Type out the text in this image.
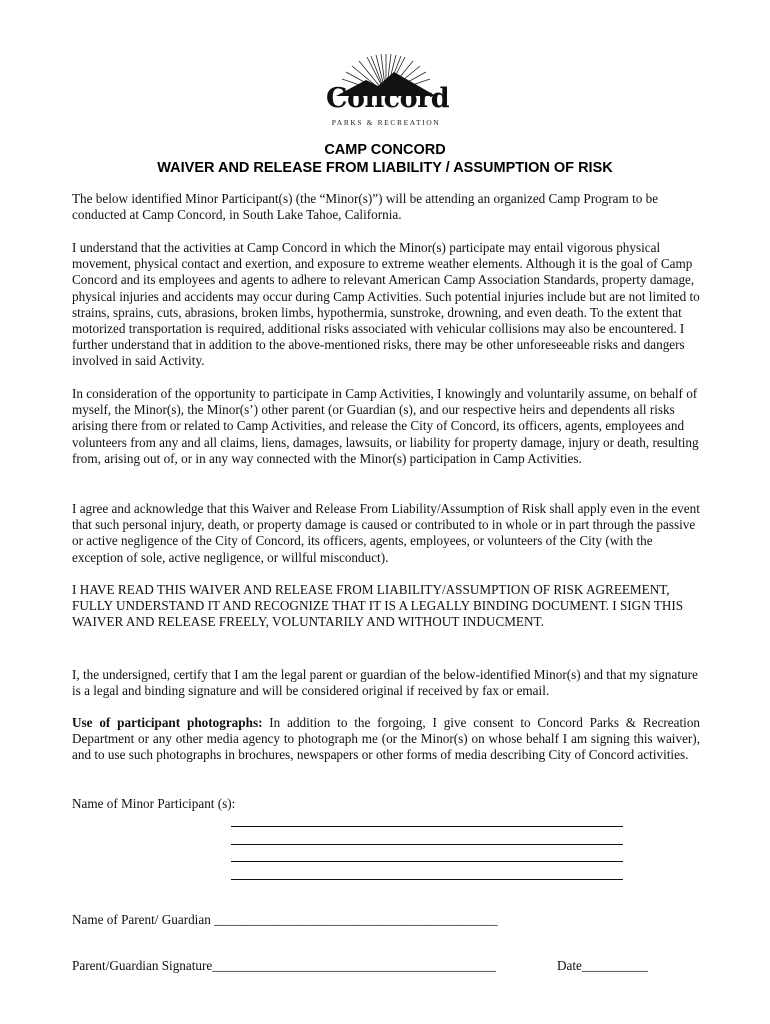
Concord
PARKS & RECREATION
CAMP CONCORD
WAIVER AND RELEASE FROM LIABILITY / ASSUMPTION OF RISK

The below identified Minor Participant(s) (the “Minor(s)”) will be attending an organized Camp Program to be conducted at Camp Concord, in South Lake Tahoe, California.

I understand that the activities at Camp Concord in which the Minor(s) participate may entail vigorous physical movement, physical contact and exertion, and exposure to extreme weather elements. Although it is the goal of Camp Concord and its employees and agents to adhere to relevant American Camp Association Standards, property damage, physical injuries and accidents may occur during Camp Activities. Such potential injuries include but are not limited to strains, sprains, cuts, abrasions, broken limbs, hypothermia, sunstroke, drowning, and even death. To the extent that motorized transportation is required, additional risks associated with vehicular collisions may also be encountered. I further understand that in addition to the above-mentioned risks, there may be other unforeseeable risks and dangers involved in said Activity.

In consideration of the opportunity to participate in Camp Activities, I knowingly and voluntarily assume, on behalf of myself, the Minor(s), the Minor(s’) other parent (or Guardian (s), and our respective heirs and dependents all risks arising there from or related to Camp Activities, and release the City of Concord, its officers, agents, employees and volunteers from any and all claims, liens, damages, lawsuits, or liability for property damage, injury or death, resulting from, arising out of, or in any way connected with the Minor(s) participation in Camp Activities.

I agree and acknowledge that this Waiver and Release From Liability/Assumption of Risk shall apply even in the event that such personal injury, death, or property damage is caused or contributed to in whole or in part through the passive or active negligence of the City of Concord, its officers, agents, employees, or volunteers of the City (with the exception of sole, active negligence, or willful misconduct).

I HAVE READ THIS WAIVER AND RELEASE FROM LIABILITY/ASSUMPTION OF RISK AGREEMENT, FULLY UNDERSTAND IT AND RECOGNIZE THAT IT IS A LEGALLY BINDING DOCUMENT. I SIGN THIS WAIVER AND RELEASE FREELY, VOLUNTARILY AND WITHOUT INDUCMENT.

I, the undersigned, certify that I am the legal parent or guardian of the below-identified Minor(s) and that my signature is a legal and binding signature and will be considered original if received by fax or email.

Use of participant photographs: In addition to the forgoing, I give consent to Concord Parks & Recreation Department or any other media agency to photograph me (or the Minor(s) on whose behalf I am signing this waiver), and to use such photographs in brochures, newspapers or other forms of media describing City of Concord activities.

Name of Minor Participant (s):
Name of Parent/ Guardian ___________________________________________
Parent/Guardian Signature___________________________________________	Date__________
